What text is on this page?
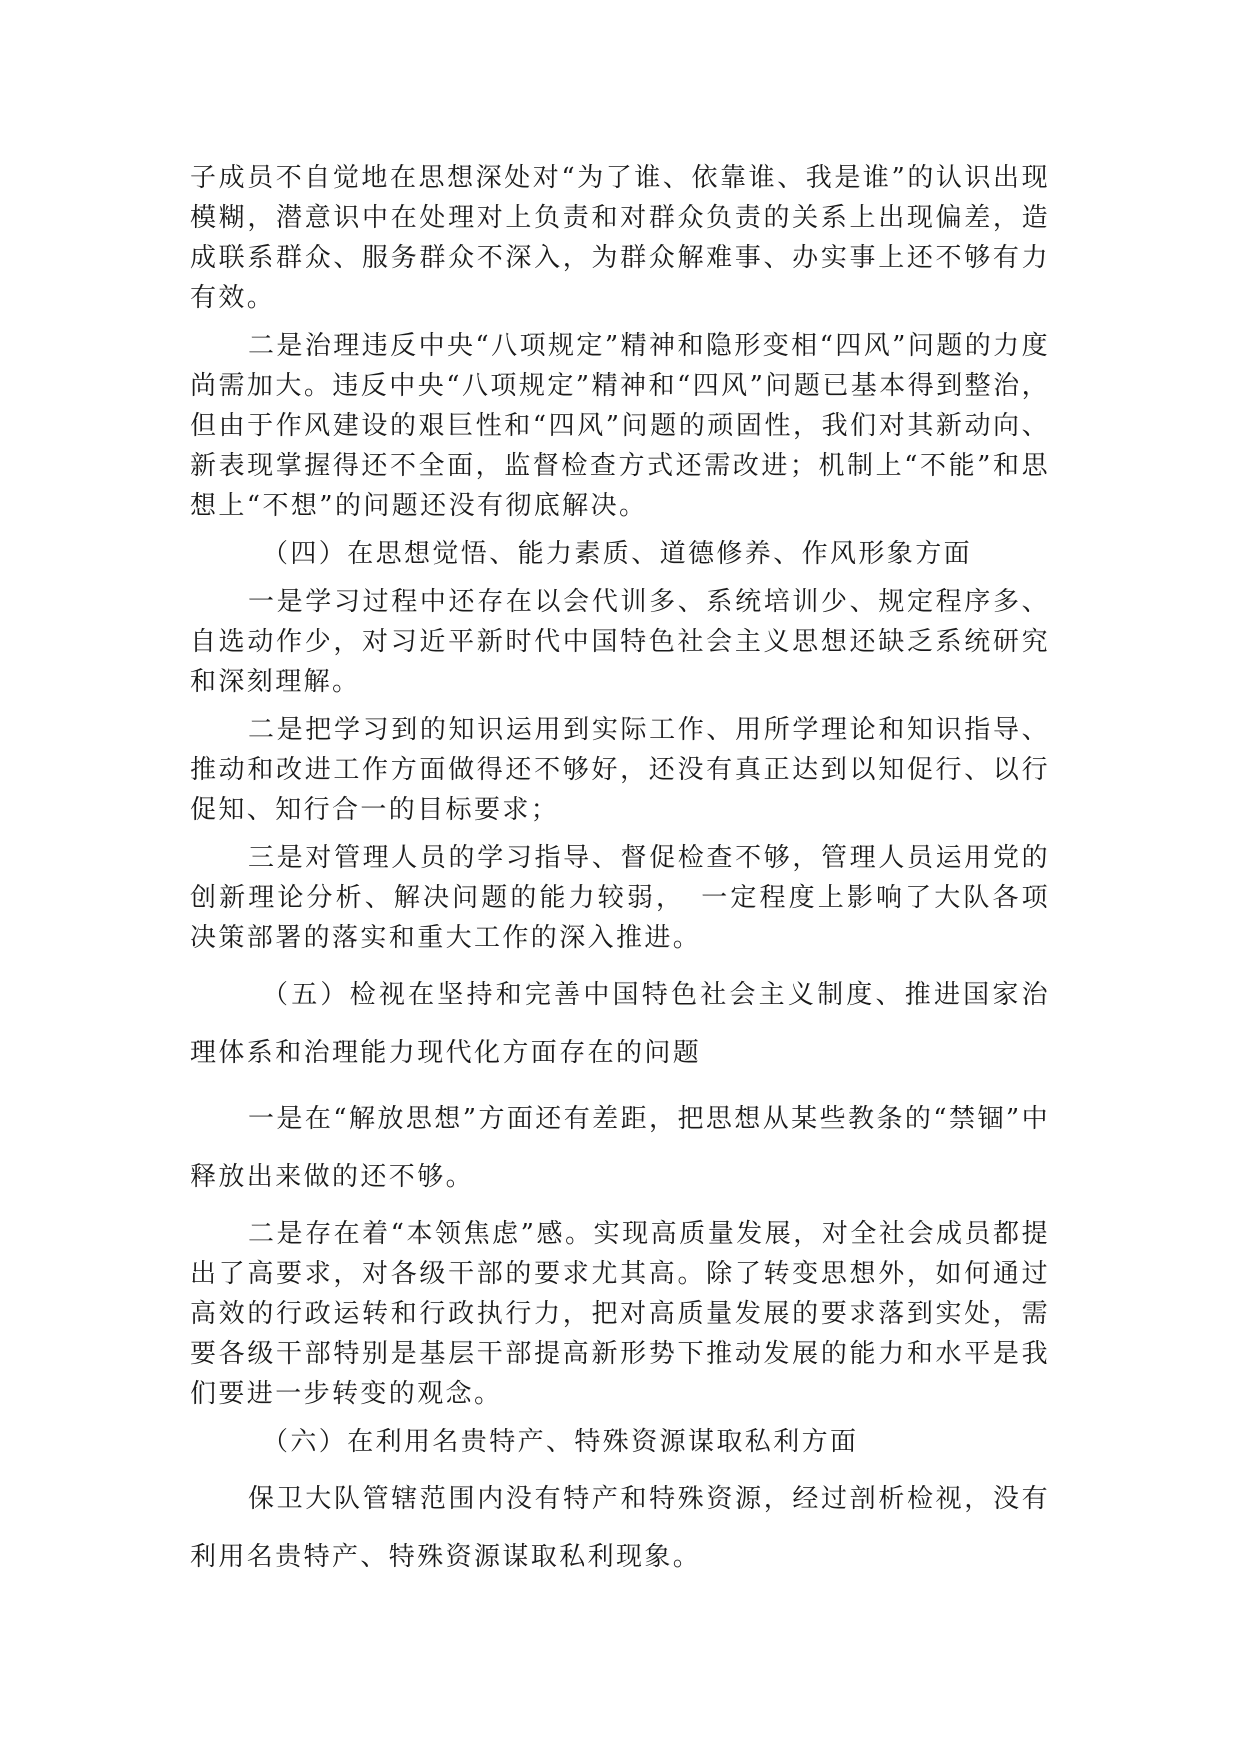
子成员不自觉地在思想深处对“为了谁、依靠谁、我是谁”的认识出现模糊，潜意识中在处理对上负责和对群众负责的关系上出现偏差，造成联系群众、服务群众不深入，为群众解难事、办实事上还不够有力有效。

二是治理违反中央“八项规定”精神和隐形变相“四风”问题的力度尚需加大。违反中央“八项规定”精神和“四风”问题已基本得到整治，但由于作风建设的艰巨性和“四风”问题的顽固性，我们对其新动向、新表现掌握得还不全面，监督检查方式还需改进；机制上“不能”和思想上“不想”的问题还没有彻底解决。

（四）在思想觉悟、能力素质、道德修养、作风形象方面

一是学习过程中还存在以会代训多、系统培训少、规定程序多、自选动作少，对习近平新时代中国特色社会主义思想还缺乏系统研究和深刻理解。

二是把学习到的知识运用到实际工作、用所学理论和知识指导、推动和改进工作方面做得还不够好，还没有真正达到以知促行、以行促知、知行合一的目标要求；

三是对管理人员的学习指导、督促检查不够，管理人员运用党的创新理论分析、解决问题的能力较弱，　一定程度上影响了大队各项决策部署的落实和重大工作的深入推进。

（五）检视在坚持和完善中国特色社会主义制度、推进国家治理体系和治理能力现代化方面存在的问题

一是在“解放思想”方面还有差距，把思想从某些教条的“禁锢”中释放出来做的还不够。

二是存在着“本领焦虑”感。实现高质量发展，对全社会成员都提出了高要求，对各级干部的要求尤其高。除了转变思想外，如何通过高效的行政运转和行政执行力，把对高质量发展的要求落到实处，需要各级干部特别是基层干部提高新形势下推动发展的能力和水平是我们要进一步转变的观念。

（六）在利用名贵特产、特殊资源谋取私利方面

保卫大队管辖范围内没有特产和特殊资源，经过剖析检视，没有利用名贵特产、特殊资源谋取私利现象。
